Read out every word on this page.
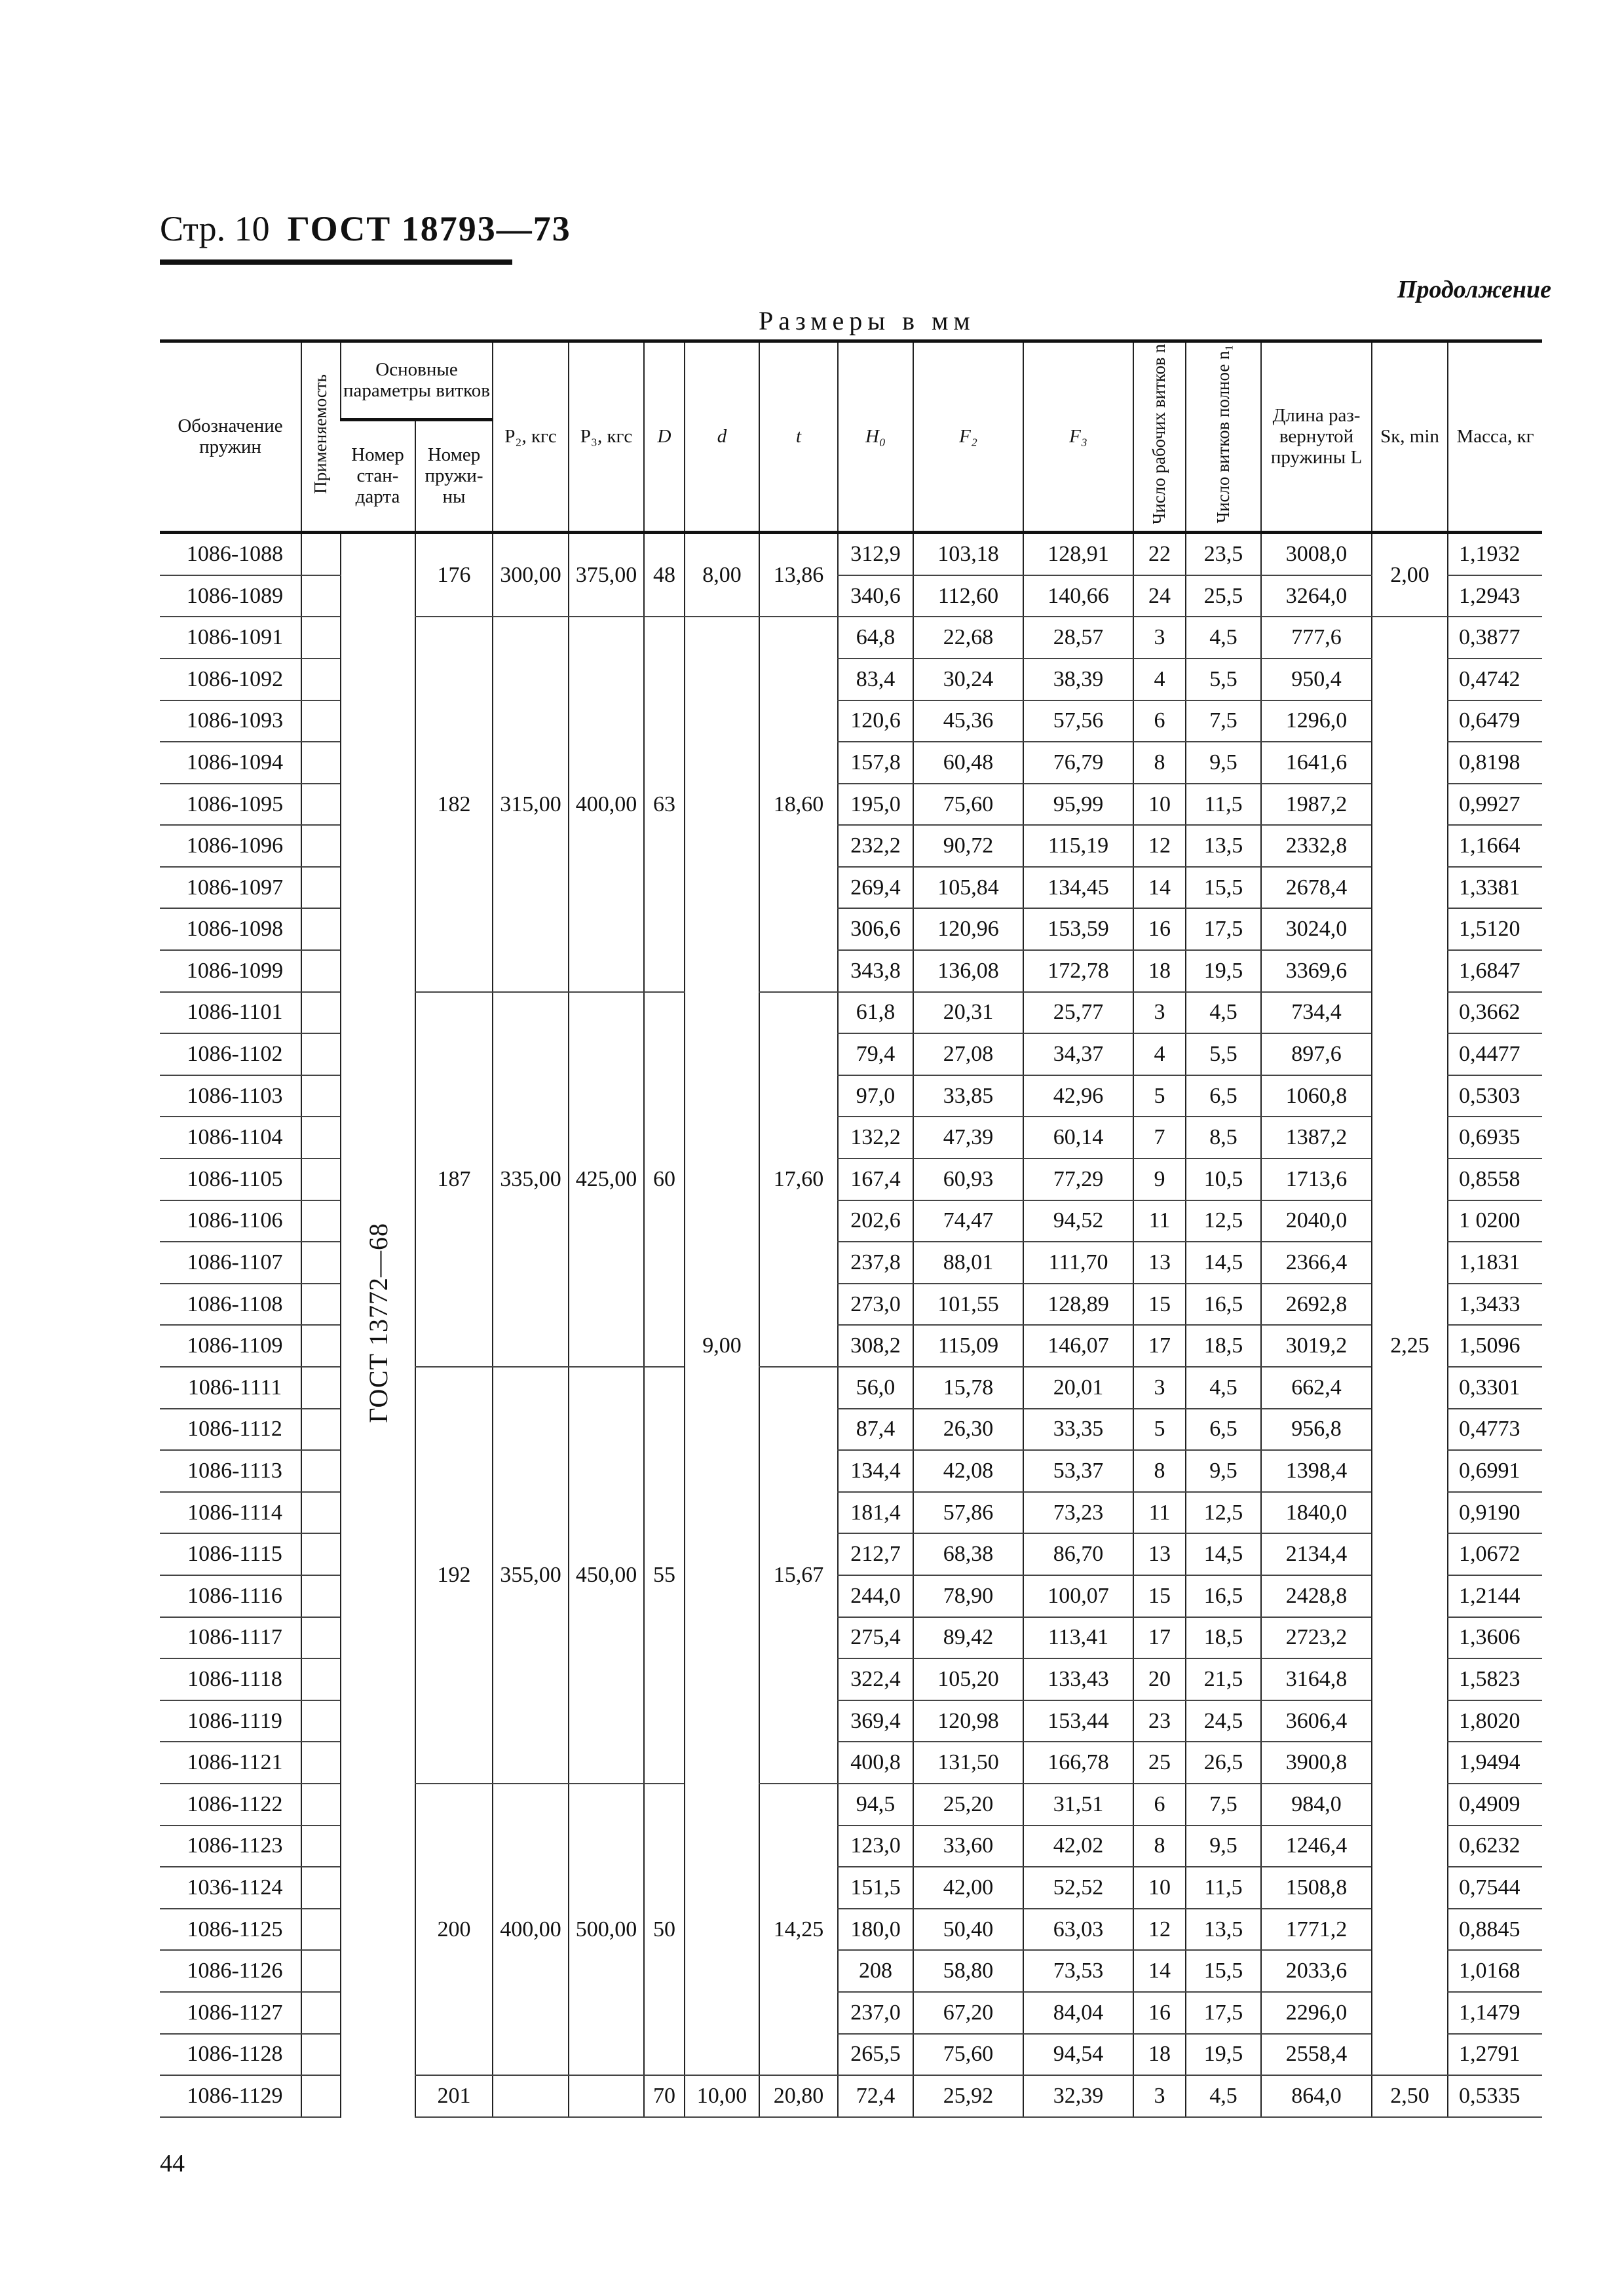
Стр. 10 ГОСТ 18793—73
Продолжение
Размеры в мм
Обозначение пружин	Применяемость	Основные параметры витков		P₂, кгс	P₃, кгс	D	d	t	H₀	F₂	F₃	Число рабочих витков n	Число витков полное n₁	Длина раз-вернутой пружины L	Sк, min	Масса, кг
		Номер стан-дарта	Номер пружи-ны													
1086-1088		ГОСТ 13772—68	176	300,00	375,00	48	8,00	13,86	312,9	103,18	128,91	22	23,5	3008,0	2,00	1,1932
1086-1089									340,6	112,60	140,66	24	25,5	3264,0		1,2943
1086-1091			182	315,00	400,00	63	9,00	18,60	64,8	22,68	28,57	3	4,5	777,6	2,25	0,3877
1086-1092									83,4	30,24	38,39	4	5,5	950,4		0,4742
1086-1093									120,6	45,36	57,56	6	7,5	1296,0		0,6479
1086-1094									157,8	60,48	76,79	8	9,5	1641,6		0,8198
1086-1095									195,0	75,60	95,99	10	11,5	1987,2		0,9927
1086-1096									232,2	90,72	115,19	12	13,5	2332,8		1,1664
1086-1097									269,4	105,84	134,45	14	15,5	2678,4		1,3381
1086-1098									306,6	120,96	153,59	16	17,5	3024,0		1,5120
1086-1099									343,8	136,08	172,78	18	19,5	3369,6		1,6847
1086-1101			187	335,00	425,00	60		17,60	61,8	20,31	25,77	3	4,5	734,4		0,3662
1086-1102									79,4	27,08	34,37	4	5,5	897,6		0,4477
1086-1103									97,0	33,85	42,96	5	6,5	1060,8		0,5303
1086-1104									132,2	47,39	60,14	7	8,5	1387,2		0,6935
1086-1105									167,4	60,93	77,29	9	10,5	1713,6		0,8558
1086-1106									202,6	74,47	94,52	11	12,5	2040,0		1 0200
1086-1107									237,8	88,01	111,70	13	14,5	2366,4		1,1831
1086-1108									273,0	101,55	128,89	15	16,5	2692,8		1,3433
1086-1109									308,2	115,09	146,07	17	18,5	3019,2		1,5096
1086-1111			192	355,00	450,00	55		15,67	56,0	15,78	20,01	3	4,5	662,4		0,3301
1086-1112									87,4	26,30	33,35	5	6,5	956,8		0,4773
1086-1113									134,4	42,08	53,37	8	9,5	1398,4		0,6991
1086-1114									181,4	57,86	73,23	11	12,5	1840,0		0,9190
1086-1115									212,7	68,38	86,70	13	14,5	2134,4		1,0672
1086-1116									244,0	78,90	100,07	15	16,5	2428,8		1,2144
1086-1117									275,4	89,42	113,41	17	18,5	2723,2		1,3606
1086-1118									322,4	105,20	133,43	20	21,5	3164,8		1,5823
1086-1119									369,4	120,98	153,44	23	24,5	3606,4		1,8020
1086-1121									400,8	131,50	166,78	25	26,5	3900,8		1,9494
1086-1122			200	400,00	500,00	50		14,25	94,5	25,20	31,51	6	7,5	984,0		0,4909
1086-1123									123,0	33,60	42,02	8	9,5	1246,4		0,6232
1036-1124									151,5	42,00	52,52	10	11,5	1508,8		0,7544
1086-1125									180,0	50,40	63,03	12	13,5	1771,2		0,8845
1086-1126									208	58,80	73,53	14	15,5	2033,6		1,0168
1086-1127									237,0	67,20	84,04	16	17,5	2296,0		1,1479
1086-1128									265,5	75,60	94,54	18	19,5	2558,4		1,2791
1086-1129			201			70	10,00	20,80	72,4	25,92	32,39	3	4,5	864,0	2,50	0,5335
44
